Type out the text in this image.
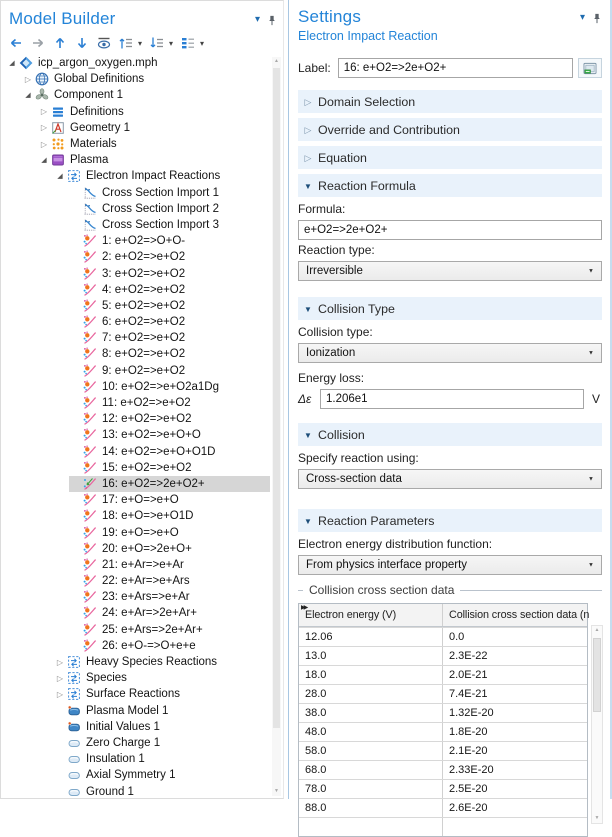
Model Builder
▾
▾	▾	▾
◢	icp_argon_oxygen.mph
▷	Global Definitions
◢	Component 1
▷	Definitions
▷	Geometry 1
▷	Materials
◢	Plasma
◢	Electron Impact Reactions
Cross Section Import 1
Cross Section Import 2
Cross Section Import 3
1: e+O2=>O+O-
2: e+O2=>e+O2
3: e+O2=>e+O2
4: e+O2=>e+O2
5: e+O2=>e+O2
6: e+O2=>e+O2
7: e+O2=>e+O2
8: e+O2=>e+O2
9: e+O2=>e+O2
10: e+O2=>e+O2a1Dg
11: e+O2=>e+O2
12: e+O2=>e+O2
13: e+O2=>e+O+O
14: e+O2=>e+O+O1D
15: e+O2=>e+O2
16: e+O2=>2e+O2+
17: e+O=>e+O
18: e+O=>e+O1D
19: e+O=>e+O
20: e+O=>2e+O+
21: e+Ar=>e+Ar
22: e+Ar=>e+Ars
23: e+Ars=>e+Ar
24: e+Ar=>2e+Ar+
25: e+Ars=>2e+Ar+
26: e+O-=>O+e+e
▷	Heavy Species Reactions
▷	Species
▷	Surface Reactions
Plasma Model 1
Initial Values 1
Zero Charge 1
Insulation 1
Axial Symmetry 1
Ground 1
▲
▼
Settings
▾
Electron Impact Reaction
Label:
16: e+O2=>2e+O2+
▷
Domain Selection
▷
Override and Contribution
▷
Equation
▼
Reaction Formula
Formula:
e+O2=>2e+O2+
Reaction type:
Irreversible
▼
▼
Collision Type
Collision type:
Ionization
▼
Energy loss:
Δε
1.206e1	V
▼
Collision
Specify reaction using:
Cross-section data
▼
▼
Reaction Parameters
Electron energy distribution function:
From physics interface property
▼
Collision cross section data
▶▶
Electron energy (V)	Collision cross section data (n
12.06	0.0
13.0	2.3E-22
18.0	2.0E-21
28.0	7.4E-21
38.0	1.32E-20
48.0	1.8E-20
58.0	2.1E-20
68.0	2.33E-20
78.0	2.5E-20
88.0	2.6E-20
▲
▼
